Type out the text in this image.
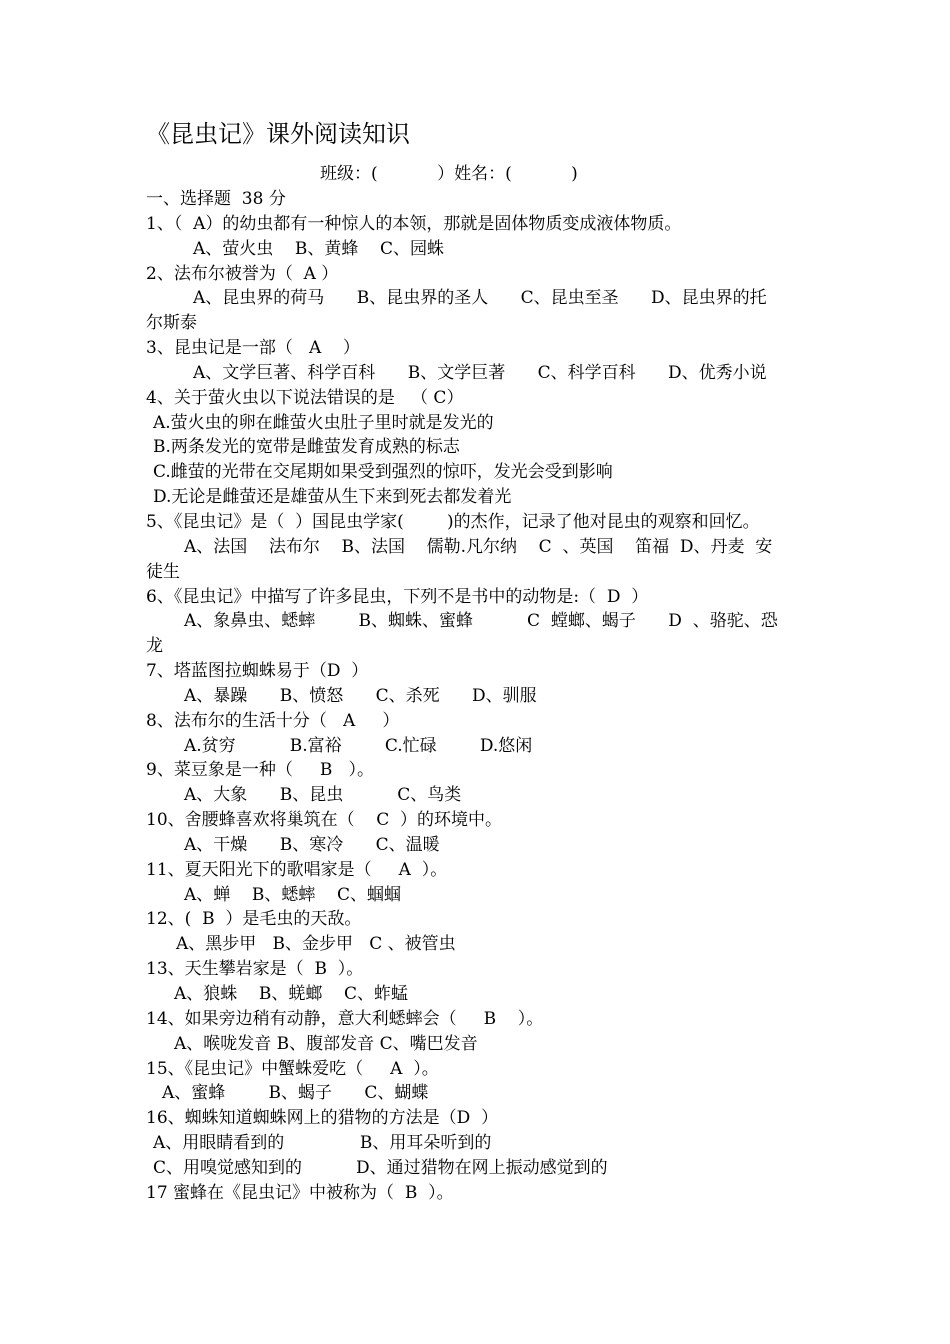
《昆虫记》课外阅读知识
班级：(           ）姓名：(           )
一、选择题  38 分
1、（  A）的幼虫都有一种惊人的本领，那就是固体物质变成液体物质。
A、萤火虫    B、黄蜂    C、园蛛
2、法布尔被誉为（  A ）
A、昆虫界的荷马      B、昆虫界的圣人      C、昆虫至圣      D、昆虫界的托
尔斯泰
3、昆虫记是一部（   A    ）
A、文学巨著、科学百科      B、文学巨著      C、科学百科      D、优秀小说
4、关于萤火虫以下说法错误的是   （ C）
A.萤火虫的卵在雌萤火虫肚子里时就是发光的
B.两条发光的宽带是雌萤发育成熟的标志
C.雌萤的光带在交尾期如果受到强烈的惊吓，发光会受到影响
D.无论是雌萤还是雄萤从生下来到死去都发着光
5、《昆虫记》是（  ）国昆虫学家(        )的杰作，记录了他对昆虫的观察和回忆。
A、法国    法布尔    B、法国    儒勒.凡尔纳    C  、英国    笛福  D、丹麦  安
徒生
6、《昆虫记》中描写了许多昆虫，下列不是书中的动物是:（  D  ）
A、象鼻虫、蟋蟀        B、蜘蛛、蜜蜂          C  螳螂、蝎子      D  、骆驼、恐
龙
7、塔蓝图拉蜘蛛易于（D  ）
A、暴躁      B、愤怒      C、杀死      D、驯服
8、法布尔的生活十分（   A     ）
A.贫穷          B.富裕        C.忙碌        D.悠闲
9、菜豆象是一种（     B   ）。
A、大象      B、昆虫          C、鸟类
10、舍腰蜂喜欢将巢筑在（    C  ）的环境中。
A、干燥      B、寒冷      C、温暖
11、夏天阳光下的歌唱家是（     A  ）。
A、蝉    B、蟋蟀    C、蝈蝈
12、(  B  ）是毛虫的天敌。
A、黑步甲   B、金步甲   C 、被管虫
13、天生攀岩家是（  B  ）。
A、狼蛛    B、蜣螂    C、蚱蜢
14、如果旁边稍有动静，意大利蟋蟀会（     B    ）。
A、喉咙发音 B、腹部发音 C、嘴巴发音
15、《昆虫记》中蟹蛛爱吃（     A  ）。
A、蜜蜂        B、蝎子      C、蝴蝶
16、蜘蛛知道蜘蛛网上的猎物的方法是（D  ）
A、用眼睛看到的              B、用耳朵听到的
C、用嗅觉感知到的          D、通过猎物在网上振动感觉到的
17 蜜蜂在《昆虫记》中被称为（  B  ）。
